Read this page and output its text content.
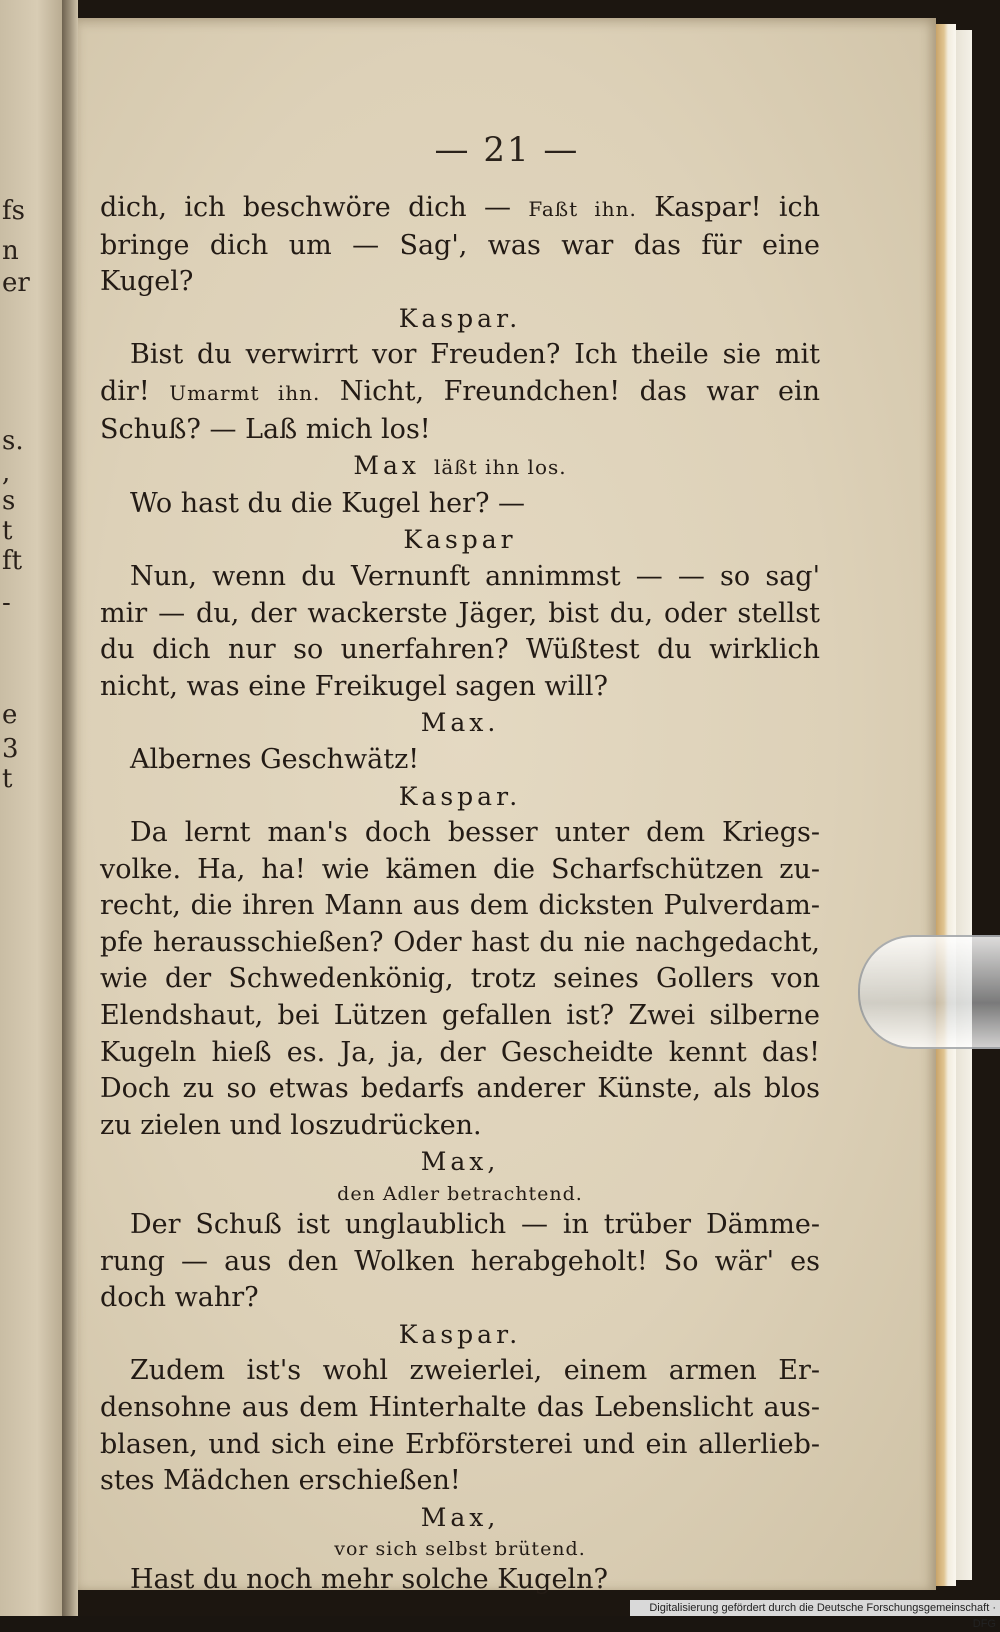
fs
n
er
s.
,
s
t
ft
-
e
3
t
— 21 —
dich, ich beschwöre dich — Faßt ihn. Kaspar! ich
bringe dich um — Sag', was war das für eine
Kugel?
Kaspar.
Bist du verwirrt vor Freuden? Ich theile sie mit
dir! Umarmt ihn. Nicht, Freundchen! das war ein
Schuß? — Laß mich los!
Max läßt ihn los.
Wo hast du die Kugel her? —
Kaspar
Nun, wenn du Vernunft annimmst — — so sag'
mir — du, der wackerste Jäger, bist du, oder stellst
du dich nur so unerfahren? Wüßtest du wirklich
nicht, was eine Freikugel sagen will?
Max.
Albernes Geschwätz!
Kaspar.
Da lernt man's doch besser unter dem Kriegs-
volke. Ha, ha! wie kämen die Scharfschützen zu-
recht, die ihren Mann aus dem dicksten Pulverdam-
pfe herausschießen? Oder hast du nie nachgedacht,
wie der Schwedenkönig, trotz seines Gollers von
Elendshaut, bei Lützen gefallen ist? Zwei silberne
Kugeln hieß es. Ja, ja, der Gescheidte kennt das!
Doch zu so etwas bedarfs anderer Künste, als blos
zu zielen und loszudrücken.
Max,
den Adler betrachtend.
Der Schuß ist unglaublich — in trüber Dämme-
rung — aus den Wolken herabgeholt! So wär' es
doch wahr?
Kaspar.
Zudem ist's wohl zweierlei, einem armen Er-
densohne aus dem Hinterhalte das Lebenslicht aus-
blasen, und sich eine Erbförsterei und ein allerlieb-
stes Mädchen erschießen!
Max,
vor sich selbst brütend.
Hast du noch mehr solche Kugeln?
Digitalisierung gefördert durch die Deutsche Forschungsgemeinschaft · DFG
